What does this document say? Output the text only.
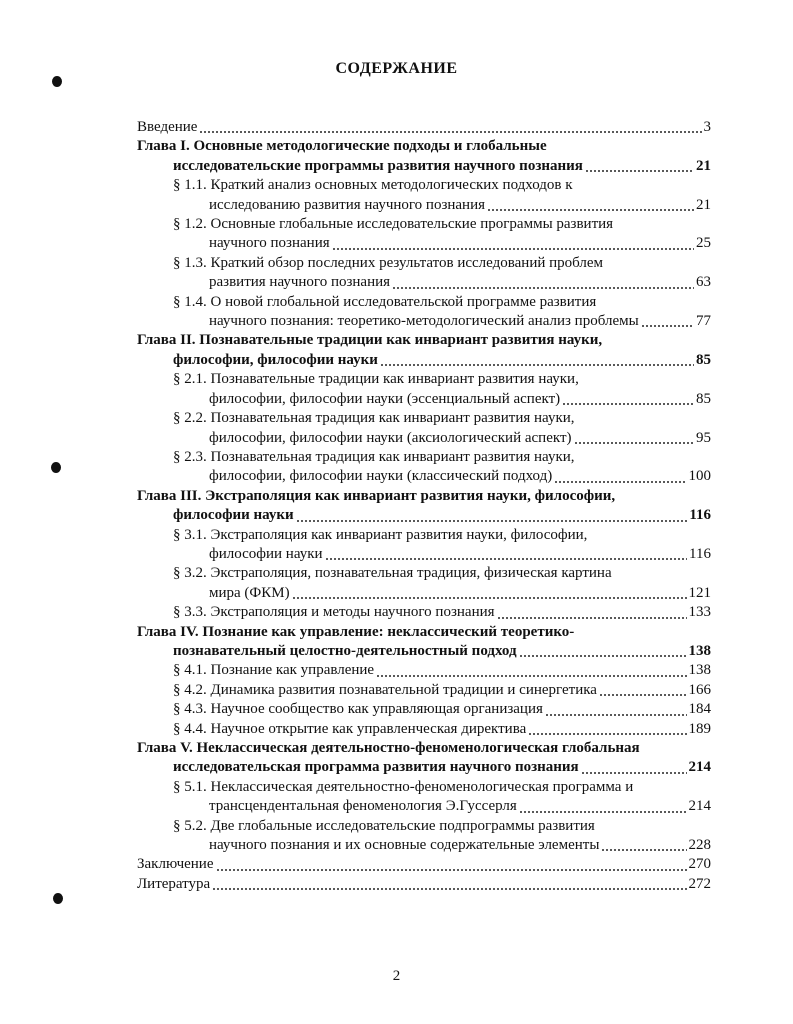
СОДЕРЖАНИЕ
Введение	3
Глава I. Основные методологические подходы и глобальные
исследовательские программы развития научного познания	21
§ 1.1. Краткий анализ основных методологических подходов к
исследованию развития научного познания	21
§ 1.2. Основные глобальные исследовательские программы развития
научного познания	25
§ 1.3. Краткий обзор последних результатов исследований проблем
развития научного познания	63
§ 1.4. О новой глобальной исследовательской программе развития
научного познания: теоретико-методологический анализ проблемы	77
Глава II. Познавательные традиции как инвариант развития науки,
философии, философии науки	85
§ 2.1. Познавательные традиции как инвариант развития науки,
философии, философии науки (эссенциальный аспект)	85
§ 2.2. Познавательная традиция как инвариант развития науки,
философии, философии науки (аксиологический аспект)	95
§ 2.3. Познавательная традиция как инвариант развития науки,
философии, философии науки (классический подход)	100
Глава III. Экстраполяция как инвариант развития науки, философии,
философии науки	116
§ 3.1. Экстраполяция как инвариант развития науки, философии,
философии науки	116
§ 3.2. Экстраполяция, познавательная традиция, физическая картина
мира (ФКМ)	121
§ 3.3. Экстраполяция и методы научного познания	133
Глава IV. Познание как управление: неклассический теоретико-
познавательный целостно-деятельностный подход	138
§ 4.1. Познание как управление	138
§ 4.2. Динамика развития познавательной традиции и синергетика	166
§ 4.3. Научное сообщество как управляющая организация	184
§ 4.4. Научное открытие как управленческая директива	189
Глава V. Неклассическая деятельностно-феноменологическая глобальная
исследовательская программа развития научного познания	214
§ 5.1. Неклассическая деятельностно-феноменологическая программа и
трансцендентальная феноменология Э.Гуссерля	214
§ 5.2. Две глобальные исследовательские подпрограммы развития
научного познания и их основные содержательные элементы	228
Заключение	270
Литература	272
2
